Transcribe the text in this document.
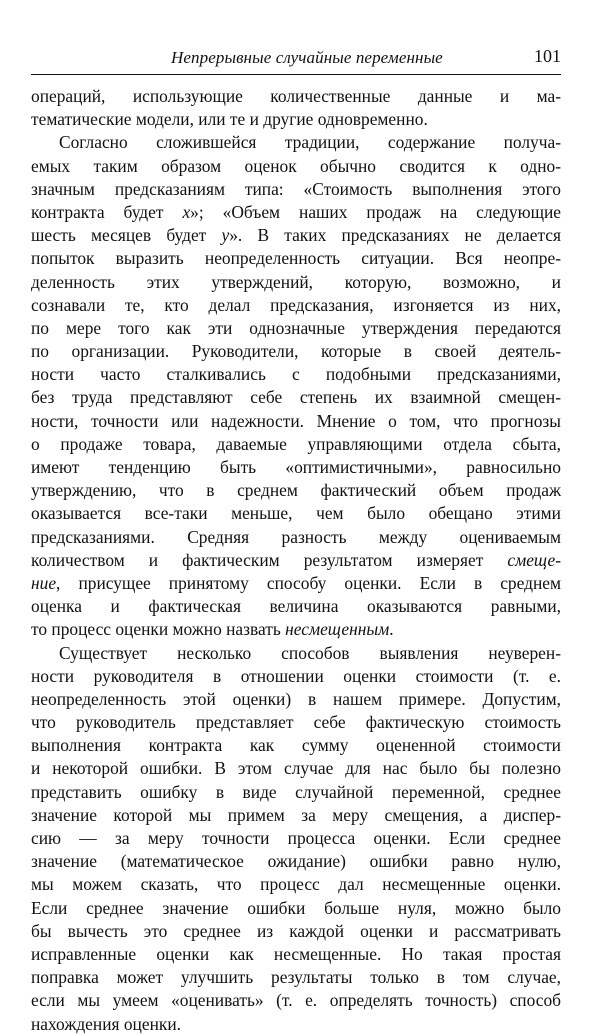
Непрерывные случайные переменные	101
операций, использующие количественные данные и ма-
тематические модели, или те и другие одновременно.
Согласно сложившейся традиции, содержание получа-
емых таким образом оценок обычно сводится к одно-
значным предсказаниям типа: «Стоимость выполнения этого
контракта будет x»; «Объем наших продаж на следующие
шесть месяцев будет y». В таких предсказаниях не делается
попыток выразить неопределенность ситуации. Вся неопре-
деленность этих утверждений, которую, возможно, и
сознавали те, кто делал предсказания, изгоняется из них,
по мере того как эти однозначные утверждения передаются
по организации. Руководители, которые в своей деятель-
ности часто сталкивались с подобными предсказаниями,
без труда представляют себе степень их взаимной смещен-
ности, точности или надежности. Мнение о том, что прогнозы
о продаже товара, даваемые управляющими отдела сбыта,
имеют тенденцию быть «оптимистичными», равносильно
утверждению, что в среднем фактический объем продаж
оказывается все-таки меньше, чем было обещано этими
предсказаниями. Средняя разность между оцениваемым
количеством и фактическим результатом измеряет смеще-
ние, присущее принятому способу оценки. Если в среднем
оценка и фактическая величина оказываются равными,
то процесс оценки можно назвать несмещенным.
Существует несколько способов выявления неуверен-
ности руководителя в отношении оценки стоимости (т. е.
неопределенность этой оценки) в нашем примере. Допустим,
что руководитель представляет себе фактическую стоимость
выполнения контракта как сумму оцененной стоимости
и некоторой ошибки. В этом случае для нас было бы полезно
представить ошибку в виде случайной переменной, среднее
значение которой мы примем за меру смещения, а диспер-
сию — за меру точности процесса оценки. Если среднее
значение (математическое ожидание) ошибки равно нулю,
мы можем сказать, что процесс дал несмещенные оценки.
Если среднее значение ошибки больше нуля, можно было
бы вычесть это среднее из каждой оценки и рассматривать
исправленные оценки как несмещенные. Но такая простая
поправка может улучшить результаты только в том случае,
если мы умеем «оценивать» (т. е. определять точность) способ
нахождения оценки.
